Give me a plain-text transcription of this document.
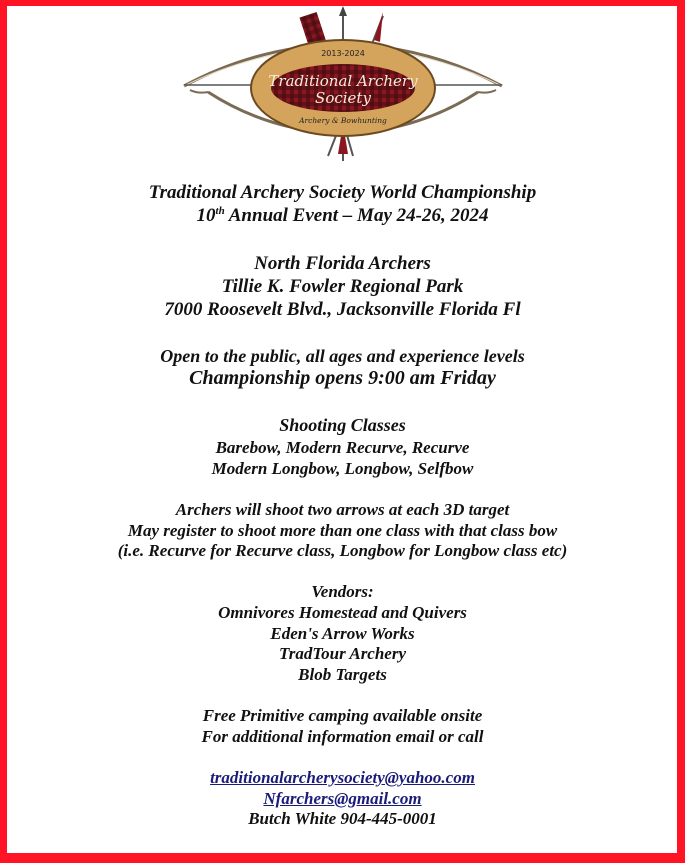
2013-2024
Traditional Archery
Society
Archery & Bowhunting
Traditional Archery Society World Championship
10th Annual Event – May 24-26, 2024
North Florida Archers
Tillie K. Fowler Regional Park
7000 Roosevelt Blvd., Jacksonville Florida Fl
Open to the public, all ages and experience levels
Championship opens 9:00 am Friday
Shooting Classes
Barebow, Modern Recurve, Recurve
Modern Longbow, Longbow, Selfbow
Archers will shoot two arrows at each 3D target
May register to shoot more than one class with that class bow
(i.e. Recurve for Recurve class, Longbow for Longbow class etc)
Vendors:
Omnivores Homestead and Quivers
Eden's Arrow Works
TradTour Archery
Blob Targets
Free Primitive camping available onsite
For additional information email or call
traditionalarcherysociety@yahoo.com
Nfarchers@gmail.com
Butch White 904-445-0001
